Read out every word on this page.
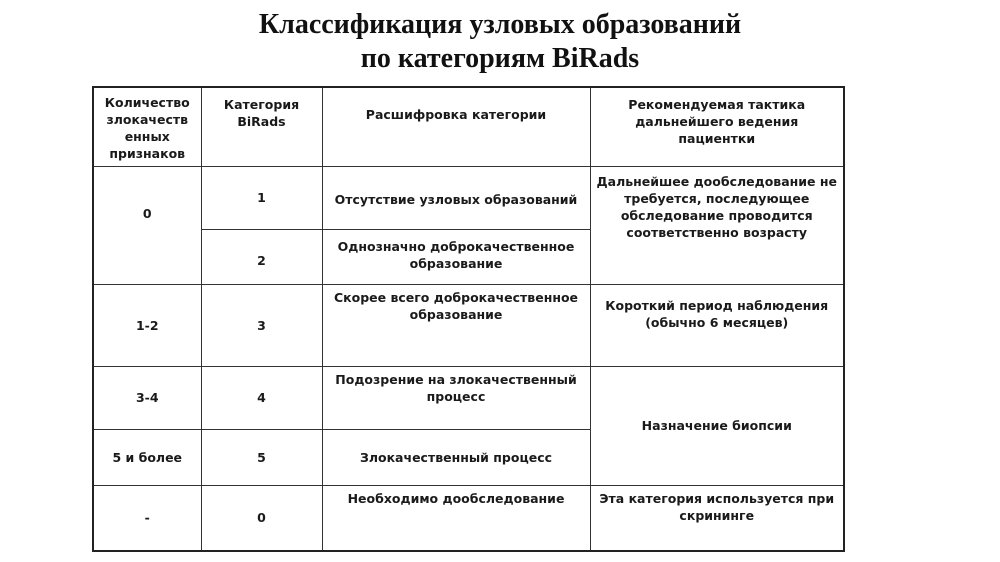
Классификация узловых образований
по категориям BiRads
Количество злокачеств енных признаков	Категория BiRads	Расшифровка категории	Рекомендуемая тактика дальнейшего ведения пациентки
0	1	Отсутствие узловых образований	Дальнейшее дообследование не требуется, последующее обследование проводится соответственно возрасту
	2	Однозначно доброкачественное образование	
1-2	3	Скорее всего доброкачественное образование	Короткий период наблюдения (обычно 6 месяцев)
3-4	4	Подозрение на злокачественный процесс	Назначение биопсии
5 и более	5	Злокачественный процесс	
-	0	Необходимо дообследование	Эта категория используется при скрининге
